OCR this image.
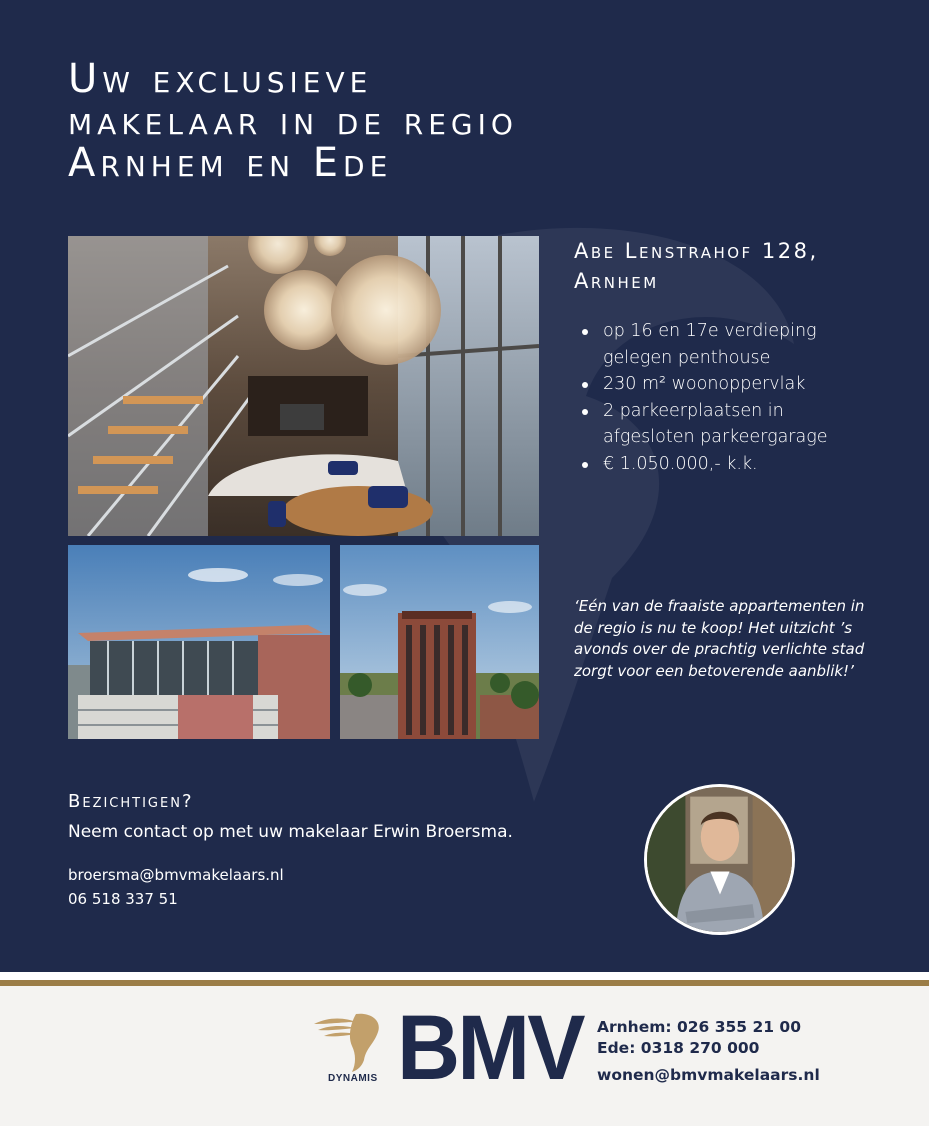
Uw exclusieve
makelaar in de regio
Arnhem en Ede
Abe Lenstrahof 128,
Arnhem
op 16 en 17e verdieping gelegen penthouse
230 m² woonoppervlak
2 parkeerplaatsen in afgesloten parkeergarage
€ 1.050.000,- k.k.

‘Eén van de fraaiste appartementen in de regio is nu te koop! Het uitzicht ’s avonds over de prachtig verlichte stad zorgt voor een betoverende aanblik!’

Bezichtigen?
Neem contact op met uw makelaar Erwin Broersma.
broersma@bmvmakelaars.nl
06 518 337 51
DYNAMIS BMV Arnhem: 026 355 21 00
Ede: 0318 270 000
wonen@bmvmakelaars.nl
